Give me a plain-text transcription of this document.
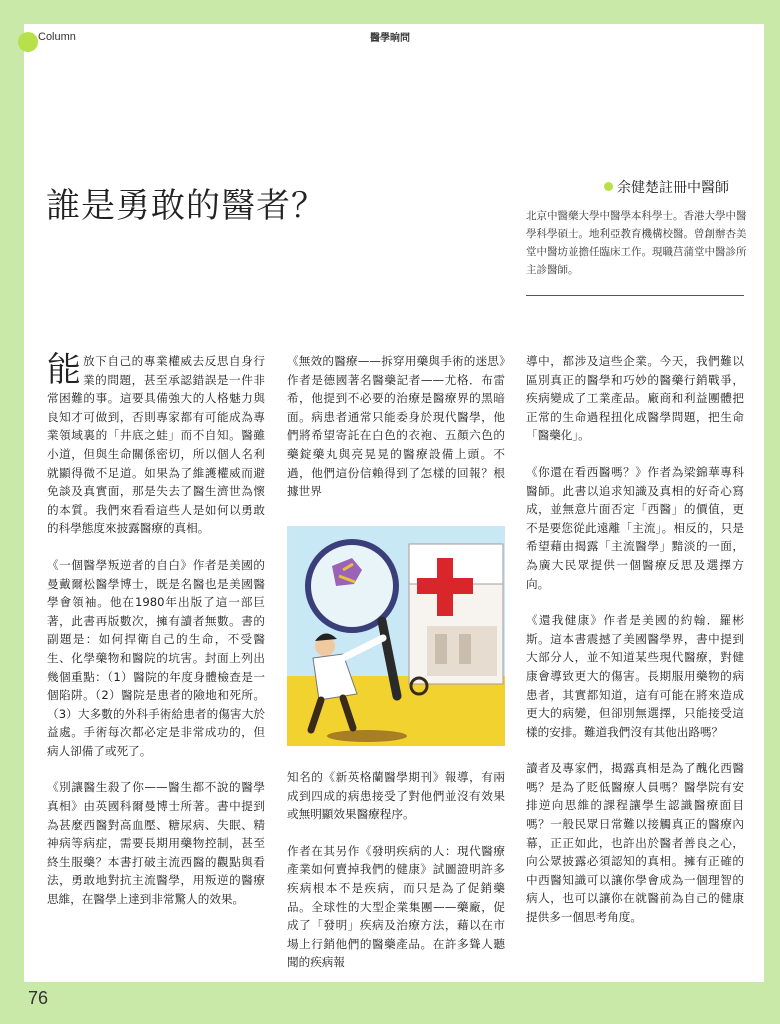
Column	醫學晌問
誰是勇敢的醫者？	余健楚註冊中醫師
北京中醫藥大學中醫學本科學士。香港大學中醫學科學碩士。地利亞教育機構校醫。曾創辦杏美堂中醫坊並擔任臨床工作。現職莒蒲堂中醫診所主診醫師。

能放下自己的專業權威去反思自身行業的問題，甚至承認錯誤是一件非常困難的事。這要具備強大的人格魅力與良知才可做到，否則專家都有可能成為專業領域裏的「井底之蛙」而不自知。醫雖小道，但與生命關係密切，所以個人名利就顯得微不足道。如果為了維護權威而避免談及真實面，那是失去了醫生濟世為懷的本質。我們來看看這些人是如何以勇敢的科學態度來披露醫療的真相。

《一個醫學叛逆者的自白》作者是美國的曼戴爾松醫學博士，既是名醫也是美國醫學會領袖。他在1980年出版了這一部巨著，此書再版數次，擁有讀者無數。書的副題是：如何捍衛自己的生命，不受醫生、化學藥物和醫院的坑害。封面上列出幾個重點：（1）醫院的年度身體檢查是一個陷阱。（2）醫院是患者的險地和死所。（3）大多數的外科手術給患者的傷害大於益處。手術每次都必定是非常成功的，但病人卻備了或死了。

《別讓醫生殺了你——醫生都不說的醫學真相》由英國科爾曼博士所著。書中提到為甚麼西醫對高血壓、糖尿病、失眠、精神病等病症，需要長期用藥物控制，甚至終生服藥？本書打破主流西醫的觀點與看法，勇敢地對抗主流醫學，用叛逆的醫療思維，在醫學上達到非常驚人的效果。

《無效的醫療——拆穿用藥與手術的迷思》作者是德國著名醫藥記者——尤格．布雷希，他提到不必要的治療是醫療界的黑暗面。病患者通常只能委身於現代醫學，他們將希望寄託在白色的衣袍、五顏六色的藥錠藥丸與亮晃晃的醫療設備上頭。不過，他們這份信賴得到了怎樣的回報？根據世界

知名的《新英格蘭醫學期刊》報導，有兩成到四成的病患接受了對他們並沒有效果或無明顯效果醫療程序。

作者在其另作《發明疾病的人：現代醫療產業如何賣掉我們的健康》試圖證明許多疾病根本不是疾病，而只是為了促銷藥品。全球性的大型企業集團——藥廠，促成了「發明」疾病及治療方法，藉以在市場上行銷他們的醫藥產品。在許多聳人聽聞的疾病報

導中，都涉及這些企業。今天，我們難以區別真正的醫學和巧妙的醫藥行銷戰爭，疾病變成了工業產品。廠商和利益團體把正常的生命過程扭化成醫學問題，把生命「醫藥化」。

《你還在看西醫嗎？》作者為梁錦華專科醫師。此書以追求知識及真相的好奇心寫成，並無意片面否定「西醫」的價值，更不是要您從此遠離「主流」。相反的，只是希望藉由揭露「主流醫學」黯淡的一面，為廣大民眾提供一個醫療反思及選擇方向。

《還我健康》作者是美國的約翰．羅彬斯。這本書震撼了美國醫學界，書中提到大部分人，並不知道某些現代醫療，對健康會導致更大的傷害。長期服用藥物的病患者，其實都知道，這有可能在將來造成更大的病變，但卻別無選擇，只能接受這樣的安排。難道我們沒有其他出路嗎？

讀者及專家們，揭露真相是為了醜化西醫嗎？是為了貶低醫療人員嗎？醫學院有安排逆向思維的課程讓學生認識醫療面目嗎？一般民眾日常難以接觸真正的醫療內幕，正正如此，也許出於醫者善良之心，向公眾披露必須認知的真相。擁有正確的中西醫知識可以讓你學會成為一個理智的病人，也可以讓你在就醫前為自己的健康提供多一個思考角度。

76
